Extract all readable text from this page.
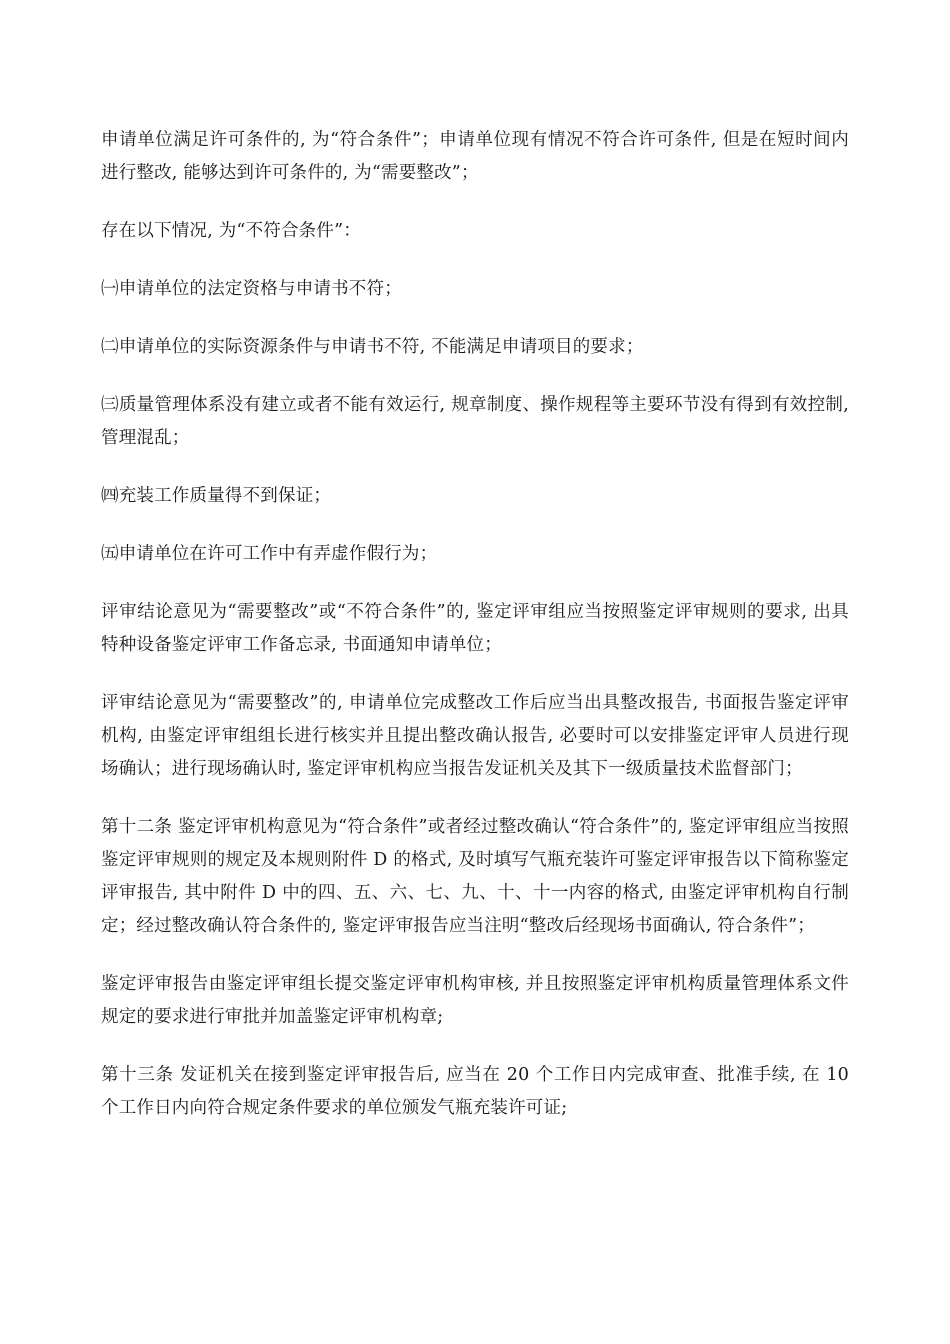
申请单位满足许可条件的, 为“符合条件”；申请单位现有情况不符合许可条件, 但是在短时间内进行整改, 能够达到许可条件的, 为“需要整改”；

存在以下情况, 为“不符合条件”：

㈠申请单位的法定资格与申请书不符；

㈡申请单位的实际资源条件与申请书不符, 不能满足申请项目的要求；

㈢质量管理体系没有建立或者不能有效运行, 规章制度、操作规程等主要环节没有得到有效控制, 管理混乱；

㈣充装工作质量得不到保证；

㈤申请单位在许可工作中有弄虚作假行为；

评审结论意见为“需要整改”或“不符合条件”的, 鉴定评审组应当按照鉴定评审规则的要求, 出具特种设备鉴定评审工作备忘录, 书面通知申请单位；

评审结论意见为“需要整改”的, 申请单位完成整改工作后应当出具整改报告, 书面报告鉴定评审机构, 由鉴定评审组组长进行核实并且提出整改确认报告, 必要时可以安排鉴定评审人员进行现场确认；进行现场确认时, 鉴定评审机构应当报告发证机关及其下一级质量技术监督部门；

第十二条 鉴定评审机构意见为“符合条件”或者经过整改确认“符合条件”的, 鉴定评审组应当按照鉴定评审规则的规定及本规则附件 D 的格式, 及时填写气瓶充装许可鉴定评审报告以下简称鉴定评审报告, 其中附件 D 中的四、五、六、七、九、十、十一内容的格式, 由鉴定评审机构自行制定；经过整改确认符合条件的, 鉴定评审报告应当注明“整改后经现场书面确认, 符合条件”；

鉴定评审报告由鉴定评审组长提交鉴定评审机构审核, 并且按照鉴定评审机构质量管理体系文件规定的要求进行审批并加盖鉴定评审机构章;

第十三条 发证机关在接到鉴定评审报告后, 应当在 20 个工作日内完成审查、批准手续, 在 10 个工作日内向符合规定条件要求的单位颁发气瓶充装许可证;
